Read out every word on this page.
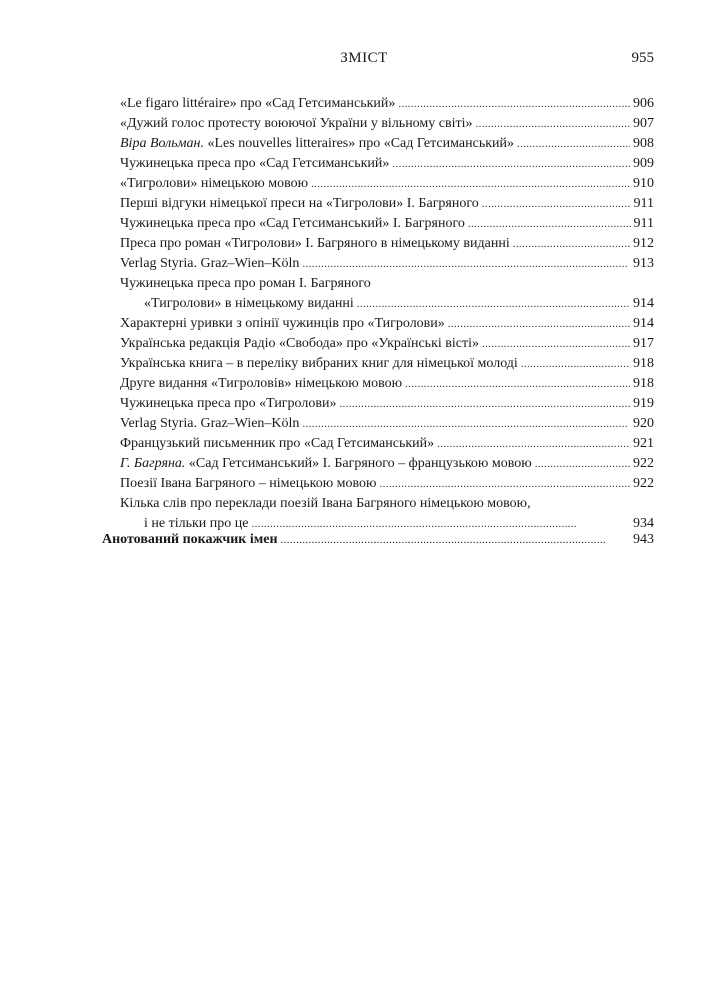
ЗМІСТ	955
«Le figaro littéraire» про «Сад Гетсиманський» . . .	906
«Дужий голос протесту воюючої України у вільному світі» . . .	907
Віра Вольман. «Les nouvelles litteraires» про «Сад Гетсиманський» . . .	908
Чужинецька преса про «Сад Гетсиманський» . . .	909
«Тигролови» німецькою мовою . . .	910
Перші відгуки німецької преси на «Тигролови» І. Багряного . . .	911
Чужинецька преса про «Сад Гетсиманський» І. Багряного . . .	911
Преса про роман «Тигролови» І. Багряного в німецькому виданні . . .	912
Verlag Styria. Graz–Wien–Köln . . .	913
Чужинецька преса про роман І. Багряного
«Тигролови» в німецькому виданні . . .	914
Характерні уривки з опінії чужинців про «Тигролови» . . .	914
Українська редакція Радіо «Свобода» про «Українські вісті» . . .	917
Українська книга – в переліку вибраних книг для німецької молоді . . .	918
Друге видання «Тигроловів» німецькою мовою . . .	918
Чужинецька преса про «Тигролови» . . .	919
Verlag Styria. Graz–Wien–Köln . . .	920
Французький письменник про «Сад Гетсиманський» . . .	921
Г. Багряна. «Сад Гетсиманський» І. Багряного – французькою мовою . . .	922
Поезії Івана Багряного – німецькою мовою . . .	922
Кілька слів про переклади поезій Івана Багряного німецькою мовою,
і не тільки про це . . .	934
Анотований покажчик імен . . .	943
